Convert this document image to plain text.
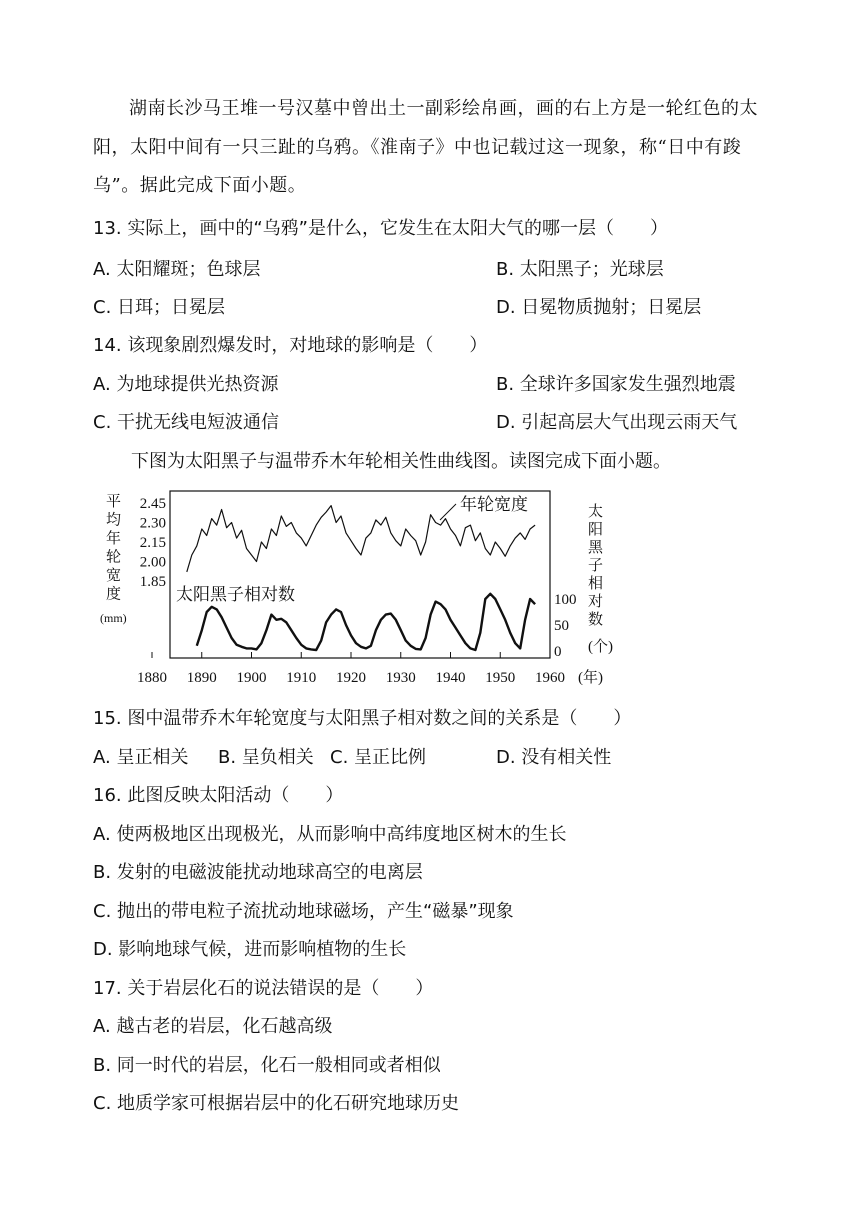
湖南长沙马王堆一号汉墓中曾出土一副彩绘帛画，画的右上方是一轮红色的太阳，太阳中间有一只三趾的乌鸦。《淮南子》中也记载过这一现象，称“日中有踆乌”。据此完成下面小题。
13. 实际上，画中的“乌鸦”是什么，它发生在太阳大气的哪一层（　　）
A. 太阳耀斑；色球层	B. 太阳黑子；光球层
C. 日珥；日冕层	D. 日冕物质抛射；日冕层
14. 该现象剧烈爆发时，对地球的影响是（　　）
A. 为地球提供光热资源	B. 全球许多国家发生强烈地震
C. 干扰无线电短波通信	D. 引起高层大气出现云雨天气
下图为太阳黑子与温带乔木年轮相关性曲线图。读图完成下面小题。
平
均
年
轮
宽
度
太
阳
黑
子
相
对
数
1880 1890 1900 1910 1920 1930 1940 1950 1960
2.45
2.30
2.15
2.00
1.85
100
50
0
年轮宽度
太阳黑子相对数
(mm)
(个)
(年)
15. 图中温带乔木年轮宽度与太阳黑子相对数之间的关系是（　　）
A. 呈正相关 B. 呈负相关 C. 呈正比例	D. 没有相关性
16. 此图反映太阳活动（　　）
A. 使两极地区出现极光，从而影响中高纬度地区树木的生长
B. 发射的电磁波能扰动地球高空的电离层
C. 抛出的带电粒子流扰动地球磁场，产生“磁暴”现象
D. 影响地球气候，进而影响植物的生长
17. 关于岩层化石的说法错误的是（　　）
A. 越古老的岩层，化石越高级
B. 同一时代的岩层，化石一般相同或者相似
C. 地质学家可根据岩层中的化石研究地球历史
